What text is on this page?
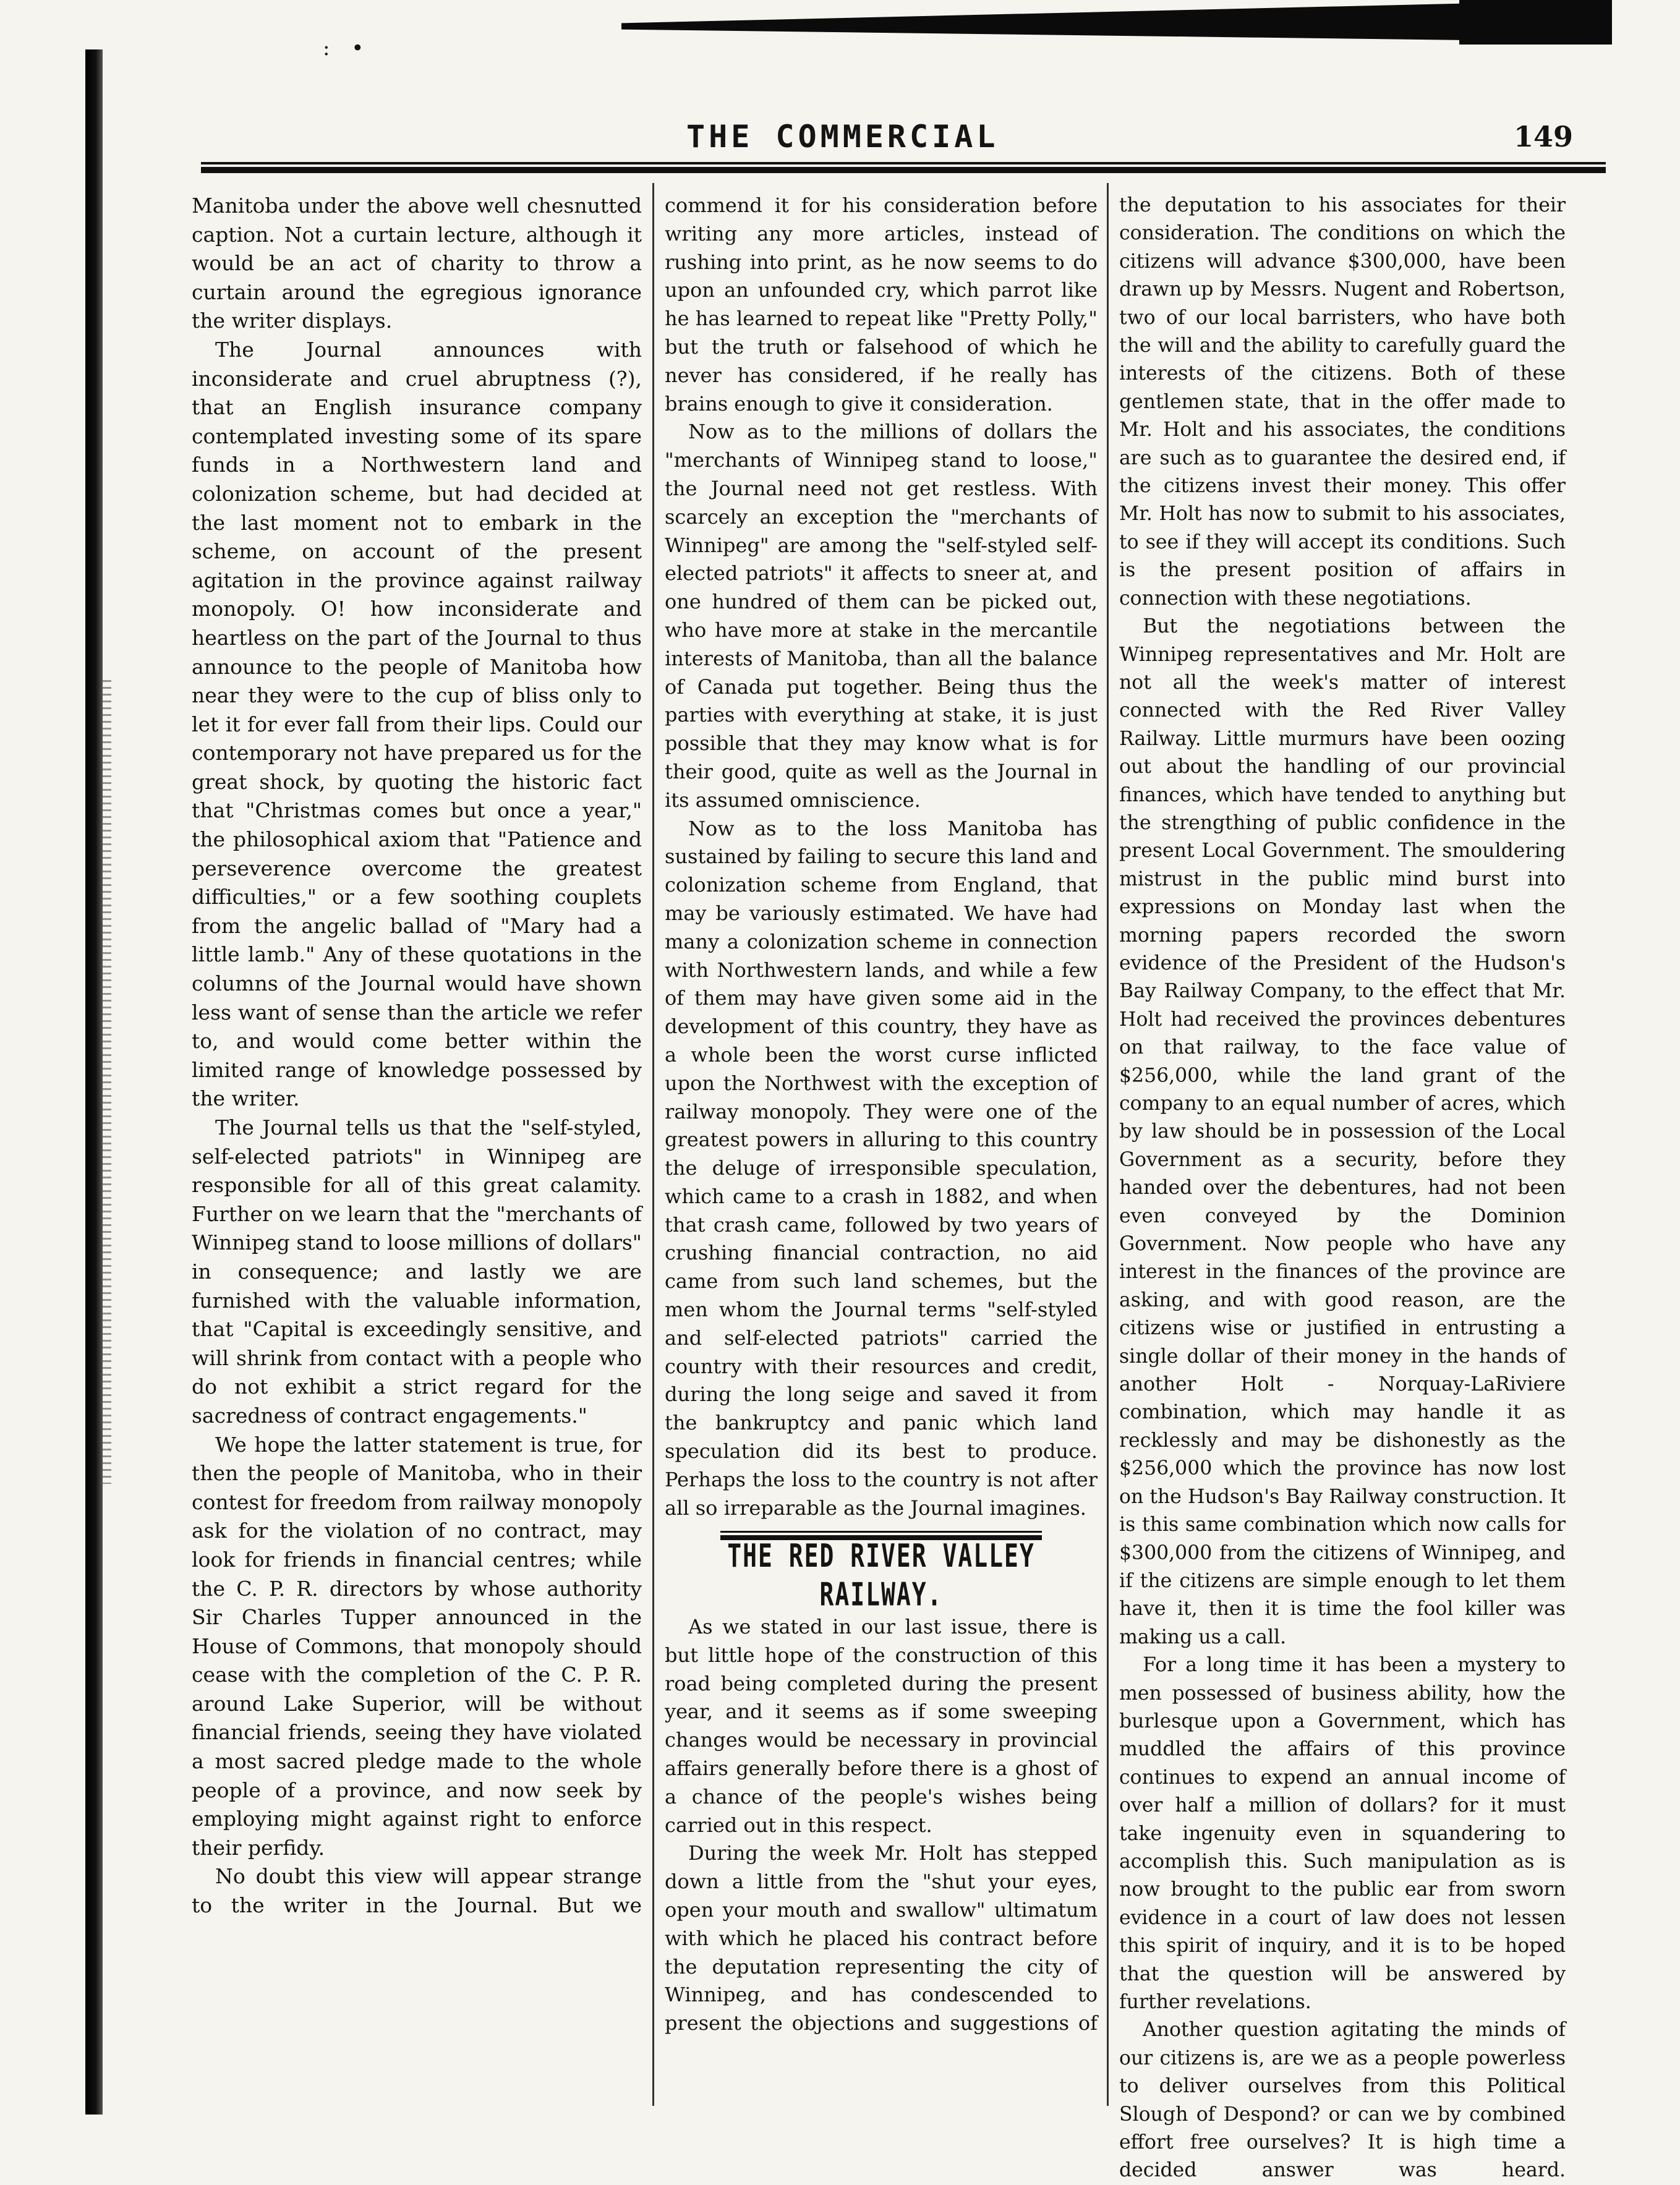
: •
THE COMMERCIAL	149

Manitoba under the above well chesnutted caption. Not a curtain lecture, although it would be an act of charity to throw a curtain around the egregious ignorance the writer displays.

The Journal announces with inconsiderate and cruel abruptness (?), that an English insurance company contemplated investing some of its spare funds in a Northwestern land and colonization scheme, but had decided at the last moment not to embark in the scheme, on account of the present agitation in the province against railway monopoly. O! how inconsiderate and heartless on the part of the Journal to thus announce to the people of Manitoba how near they were to the cup of bliss only to let it for ever fall from their lips. Could our contemporary not have prepared us for the great shock, by quoting the historic fact that "Christmas comes but once a year," the philosophical axiom that "Patience and perseverence overcome the greatest difficulties," or a few soothing couplets from the angelic ballad of "Mary had a little lamb." Any of these quotations in the columns of the Journal would have shown less want of sense than the article we refer to, and would come better within the limited range of knowledge possessed by the writer.

The Journal tells us that the "self-styled, self-elected patriots" in Winnipeg are responsible for all of this great calamity. Further on we learn that the "merchants of Winnipeg stand to loose millions of dollars" in consequence; and lastly we are furnished with the valuable information, that "Capital is exceedingly sensitive, and will shrink from contact with a people who do not exhibit a strict regard for the sacredness of contract engagements."

We hope the latter statement is true, for then the people of Manitoba, who in their contest for freedom from railway monopoly ask for the violation of no contract, may look for friends in financial centres; while the C. P. R. directors by whose authority Sir Charles Tupper announced in the House of Commons, that monopoly should cease with the completion of the C. P. R. around Lake Superior, will be without financial friends, seeing they have violated a most sacred pledge made to the whole people of a province, and now seek by employing might against right to enforce their perfidy.

No doubt this view will appear strange to the writer in the Journal. But we

commend it for his consideration before writing any more articles, instead of rushing into print, as he now seems to do upon an unfounded cry, which parrot like he has learned to repeat like "Pretty Polly," but the truth or falsehood of which he never has considered, if he really has brains enough to give it consideration.

Now as to the millions of dollars the "merchants of Winnipeg stand to loose," the Journal need not get restless. With scarcely an exception the "merchants of Winnipeg" are among the "self-styled self-elected patriots" it affects to sneer at, and one hundred of them can be picked out, who have more at stake in the mercantile interests of Manitoba, than all the balance of Canada put together. Being thus the parties with everything at stake, it is just possible that they may know what is for their good, quite as well as the Journal in its assumed omniscience.

Now as to the loss Manitoba has sustained by failing to secure this land and colonization scheme from England, that may be variously estimated. We have had many a colonization scheme in connection with Northwestern lands, and while a few of them may have given some aid in the development of this country, they have as a whole been the worst curse inflicted upon the Northwest with the exception of railway monopoly. They were one of the greatest powers in alluring to this country the deluge of irresponsible speculation, which came to a crash in 1882, and when that crash came, followed by two years of crushing financial contraction, no aid came from such land schemes, but the men whom the Journal terms "self-styled and self-elected patriots" carried the country with their resources and credit, during the long seige and saved it from the bankruptcy and panic which land speculation did its best to produce. Perhaps the loss to the country is not after all so irreparable as the Journal imagines.

THE RED RIVER VALLEY RAILWAY.

As we stated in our last issue, there is but little hope of the construction of this road being completed during the present year, and it seems as if some sweeping changes would be necessary in provincial affairs generally before there is a ghost of a chance of the people's wishes being carried out in this respect.

During the week Mr. Holt has stepped down a little from the "shut your eyes, open your mouth and swallow" ultimatum with which he placed his contract before the deputation representing the city of Winnipeg, and has condescended to present the objections and suggestions of

the deputation to his associates for their consideration. The conditions on which the citizens will advance $300,000, have been drawn up by Messrs. Nugent and Robertson, two of our local barristers, who have both the will and the ability to carefully guard the interests of the citizens. Both of these gentlemen state, that in the offer made to Mr. Holt and his associates, the conditions are such as to guarantee the desired end, if the citizens invest their money. This offer Mr. Holt has now to submit to his associates, to see if they will accept its conditions. Such is the present position of affairs in connection with these negotiations.

But the negotiations between the Winnipeg representatives and Mr. Holt are not all the week's matter of interest connected with the Red River Valley Railway. Little murmurs have been oozing out about the handling of our provincial finances, which have tended to anything but the strengthing of public confidence in the present Local Government. The smouldering mistrust in the public mind burst into expressions on Monday last when the morning papers recorded the sworn evidence of the President of the Hudson's Bay Railway Company, to the effect that Mr. Holt had received the provinces debentures on that railway, to the face value of $256,000, while the land grant of the company to an equal number of acres, which by law should be in possession of the Local Government as a security, before they handed over the debentures, had not been even conveyed by the Dominion Government. Now people who have any interest in the finances of the province are asking, and with good reason, are the citizens wise or justified in entrusting a single dollar of their money in the hands of another Holt - Norquay-LaRiviere combination, which may handle it as recklessly and may be dishonestly as the $256,000 which the province has now lost on the Hudson's Bay Railway construction. It is this same combination which now calls for $300,000 from the citizens of Winnipeg, and if the citizens are simple enough to let them have it, then it is time the fool killer was making us a call.

For a long time it has been a mystery to men possessed of business ability, how the burlesque upon a Government, which has muddled the affairs of this province continues to expend an annual income of over half a million of dollars? for it must take ingenuity even in squandering to accomplish this. Such manipulation as is now brought to the public ear from sworn evidence in a court of law does not lessen this spirit of inquiry, and it is to be hoped that the question will be answered by further revelations.

Another question agitating the minds of our citizens is, are we as a people powerless to deliver ourselves from this Political Slough of Despond? or can we by combined effort free ourselves? It is high time a decided answer was heard.
